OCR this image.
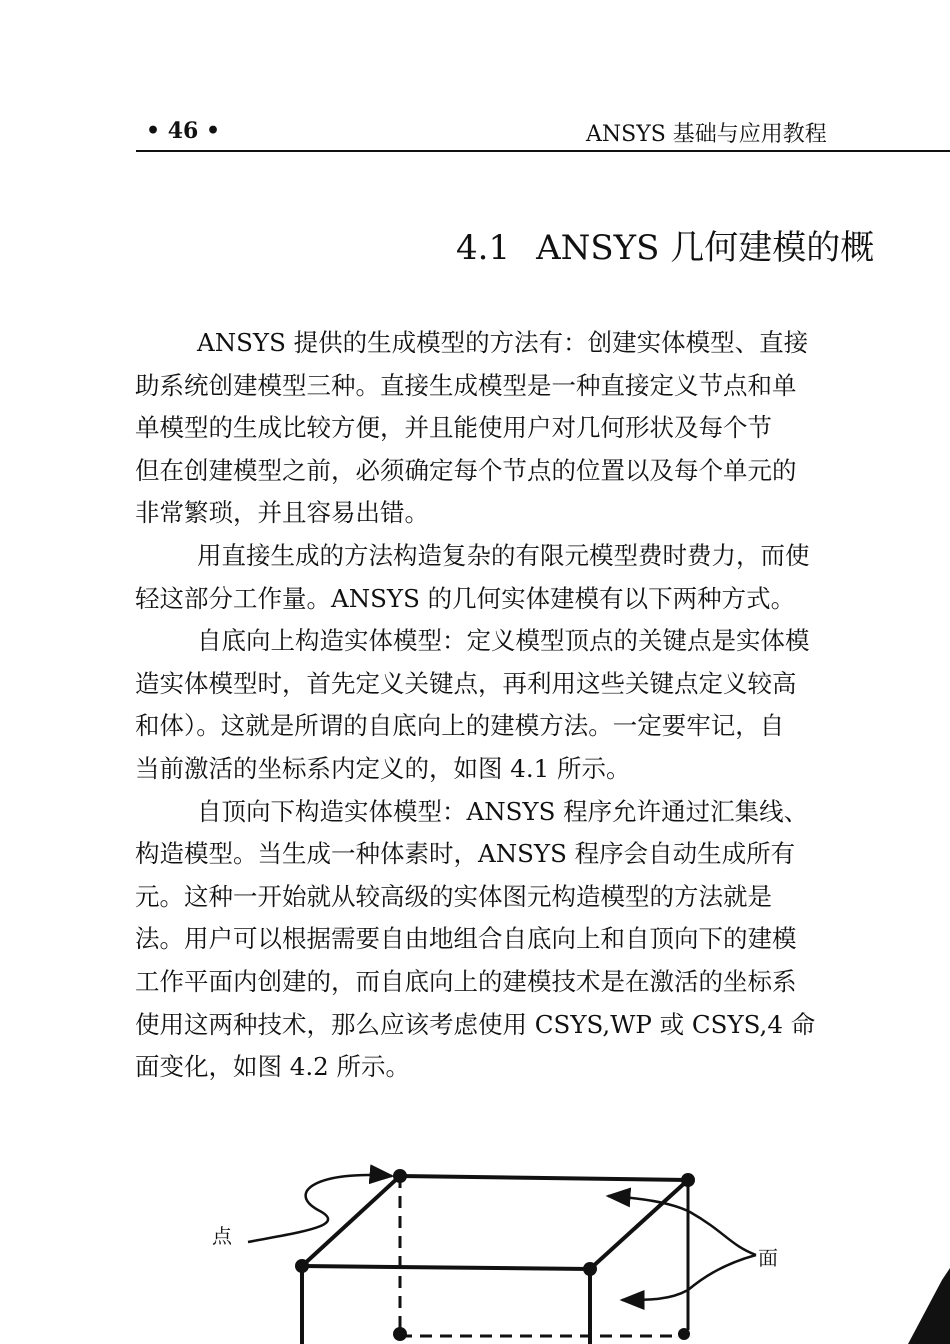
• 46 •	ANSYS 基础与应用教程
4.1 ANSYS 几何建模的概
ANSYS 提供的生成模型的方法有：创建实体模型、直接
助系统创建模型三种。直接生成模型是一种直接定义节点和单
单模型的生成比较方便，并且能使用户对几何形状及每个节
但在创建模型之前，必须确定每个节点的位置以及每个单元的
非常繁琐，并且容易出错。
用直接生成的方法构造复杂的有限元模型费时费力，而使
轻这部分工作量。ANSYS 的几何实体建模有以下两种方式。
自底向上构造实体模型：定义模型顶点的关键点是实体模
造实体模型时，首先定义关键点，再利用这些关键点定义较高
和体）。这就是所谓的自底向上的建模方法。一定要牢记，自
当前激活的坐标系内定义的，如图 4.1 所示。
自顶向下构造实体模型：ANSYS 程序允许通过汇集线、
构造模型。当生成一种体素时，ANSYS 程序会自动生成所有
元。这种一开始就从较高级的实体图元构造模型的方法就是
法。用户可以根据需要自由地组合自底向上和自顶向下的建模
工作平面内创建的，而自底向上的建模技术是在激活的坐标系
使用这两种技术，那么应该考虑使用 CSYS,WP 或 CSYS,4 命
面变化，如图 4.2 所示。
点
面
